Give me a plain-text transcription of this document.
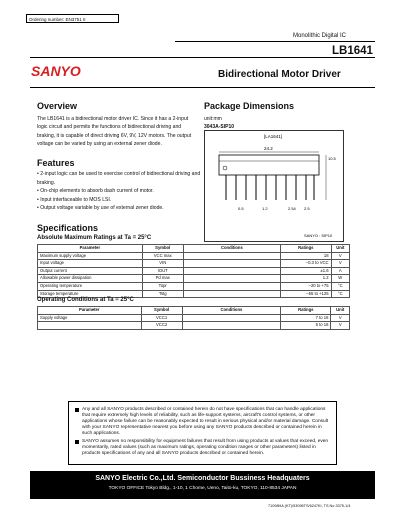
Ordering number: EN3751 II
Monolithic Digital IC
LB1641
SANYO	Bidirectional Motor Driver
Overview
The LB1641 is a bidirectional motor driver IC. Since it has a 2-input logic circuit and permits the functions of bidirectional driving and braking, it is capable of direct driving 6V, 9V, 12V motors. The output voltage can be varied by using an external zener diode.
Features
• 2-input logic can be used to exercise control of bidirectional driving and braking.
• On-chip elements to absorb dash current of motor.
• Input interfaceable to MOS LSI.
• Output voltage variable by use of external zener diode.
Package Dimensions
unit:mm
3043A-SIP10
[LA1641]
24.2
10.5
0.5	1.2	2.54 2.5
SANYO : SIP10
Specifications
Absolute Maximum Ratings at Ta = 25°C
Parameter	Symbol	Conditions	Ratings	Unit
Maximum supply voltage	VCC max		18	V
Input voltage	VIN		–0.3 to VCC	V
Output current	IOUT		±1.6	A
Allowable power dissipation	Pd max		1.2	W
Operating temperature	Topr		–20 to +75	°C
Storage temperature	Tstg		–55 to +125	°C
Operating Conditions at Ta = 25°C
Parameter	Symbol	Conditions	Ratings	Unit
Supply voltage	VCC1		7 to 16	V
	VCC2		5 to 16	V

Any and all SANYO products described or contained herein do not have specifications that can handle applications that require extremely high levels of reliability, such as life-support systems, aircraft's control systems, or other applications whose failure can be reasonably expected to result in serious physical and/or material damage. Consult with your SANYO representative nearest you before using any SANYO products described or contained herein in such applications.

SANYO assumes no responsibility for equipment failures that result from using products at values that exceed, even momentarily, rated values (such as maximum ratings, operating condition ranges or other parameters) listed in products specifications of any and all SANYO products described or contained herein.

SANYO Electric Co.,Ltd. Semiconductor Bussiness Headquaters
TOKYO OFFICE Tokyo Bldg., 1-10, 1 Chome, Ueno, Taito-ku, TOKYO, 110-8534 JAPAN
71098HA (KT)/53096TS/6247KI, TS No.3375-1/4
